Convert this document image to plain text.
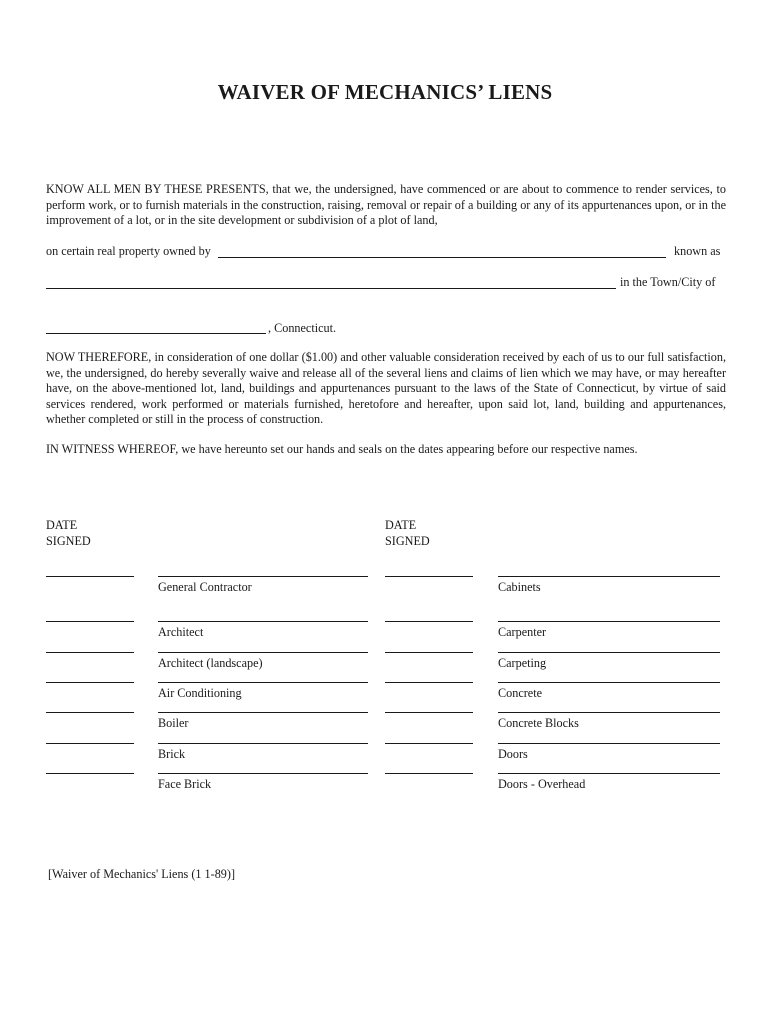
WAIVER OF MECHANICS’ LIENS
KNOW ALL MEN BY THESE PRESENTS, that we, the undersigned, have commenced or are about to commence to render services, to perform work, or to furnish materials in the construction, raising, removal or repair of a building or any of its appurtenances upon, or in the improvement of a lot, or in the site development or subdivision of a plot of land,
on certain real property owned by	known as
in the Town/City of
, Connecticut.
NOW THEREFORE, in consideration of one dollar ($1.00) and other valuable consideration received by each of us to our full satisfaction, we, the undersigned, do hereby severally waive and release all of the several liens and claims of lien which we may have, or may hereafter have, on the above-mentioned lot, land, buildings and appurtenances pursuant to the laws of the State of Connecticut, by virtue of said services rendered, work performed or materials furnished, heretofore and hereafter, upon said lot, land, building and appurtenances, whether completed or still in the process of construction.
IN WITNESS WHEREOF, we have hereunto set our hands and seals on the dates appearing before our respective names.
DATE
SIGNED
DATE
SIGNED
General Contractor
Architect
Architect (landscape)
Air Conditioning
Boiler
Brick
Face Brick
Cabinets
Carpenter
Carpeting
Concrete
Concrete Blocks
Doors
Doors - Overhead
[Waiver of Mechanics' Liens (1 1-89)]
